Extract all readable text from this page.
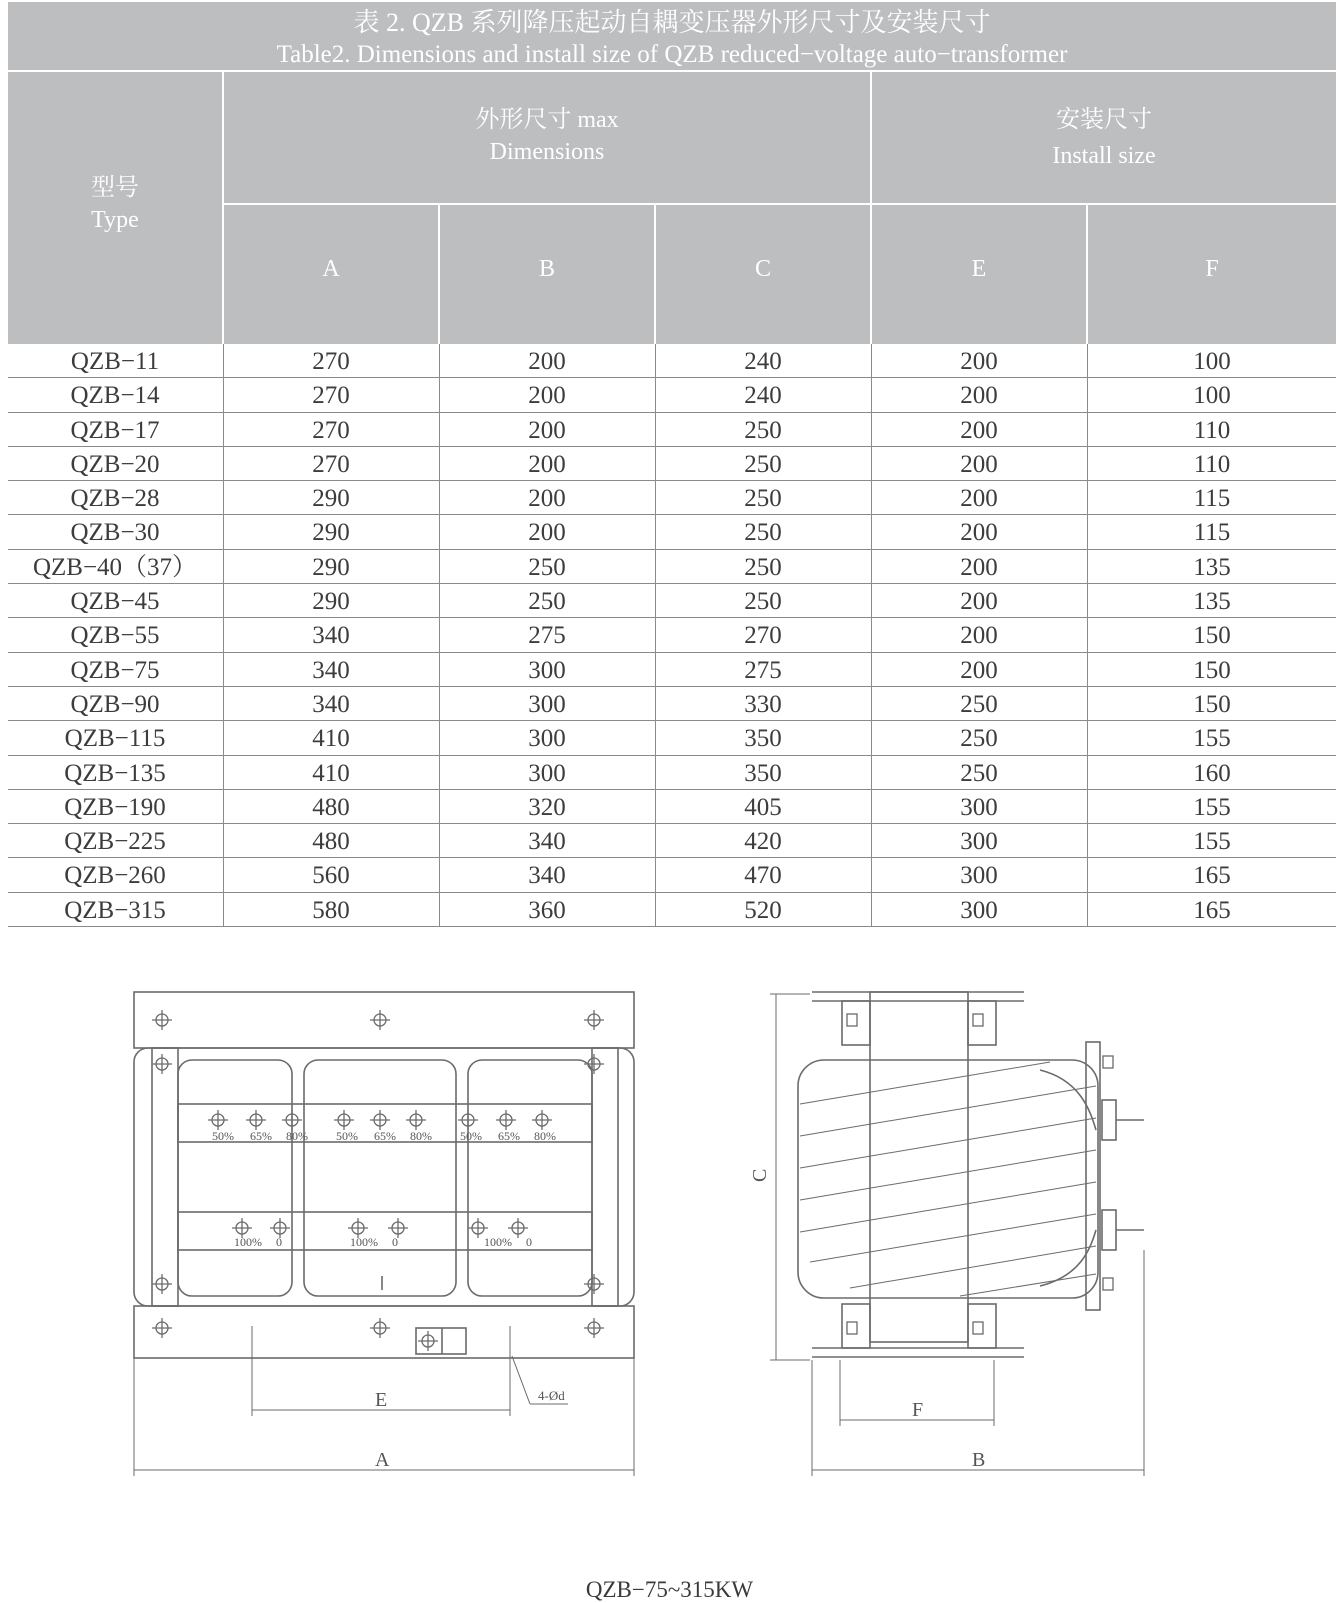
表 2. QZB 系列降压起动自耦变压器外形尺寸及安装尺寸
Table2. Dimensions and install size of QZB reduced−voltage auto−transformer
型号
Type
外形尺寸 max
Dimensions
安装尺寸
Install size
A	B	C	E	F
QZB−11	270	200	240	200	100
QZB−14	270	200	240	200	100
QZB−17	270	200	250	200	110
QZB−20	270	200	250	200	110
QZB−28	290	200	250	200	115
QZB−30	290	200	250	200	115
QZB−40（37）	290	250	250	200	135
QZB−45	290	250	250	200	135
QZB−55	340	275	270	200	150
QZB−75	340	300	275	200	150
QZB−90	340	300	330	250	150
QZB−115	410	300	350	250	155
QZB−135	410	300	350	250	160
QZB−190	480	320	405	300	155
QZB−225	480	340	420	300	155
QZB−260	560	340	470	300	165
QZB−315	580	360	520	300	165
50% 65% 80% 50% 65% 80% 50% 65% 80%
100% 0	100% 0	100% 0
E
A
4-Ød
C
F
B
QZB−75~315KW
